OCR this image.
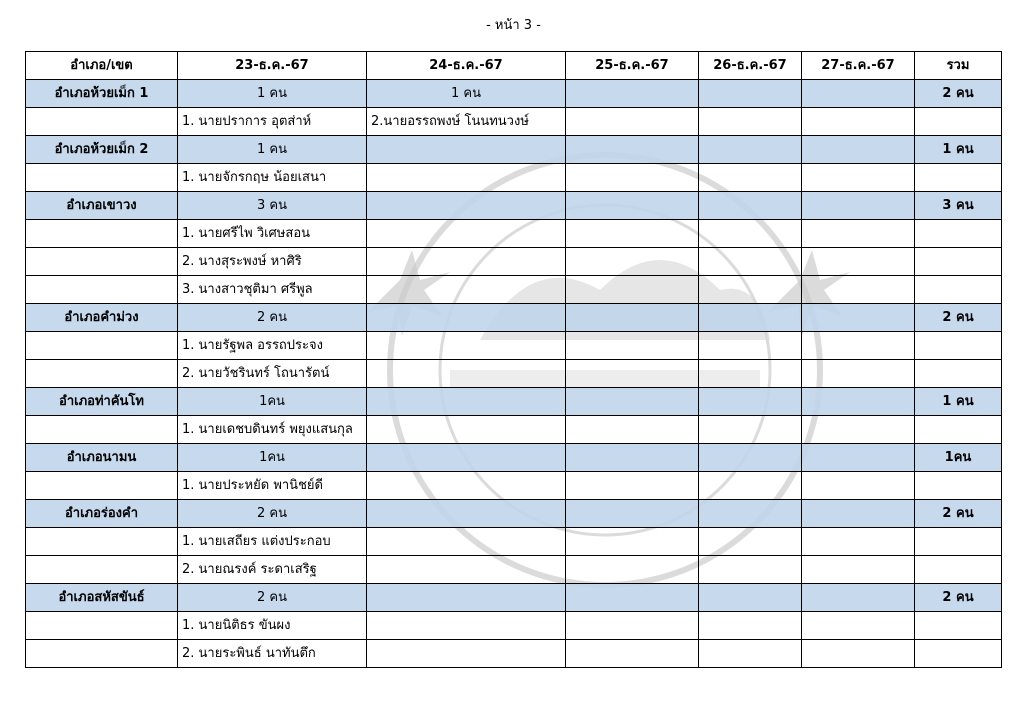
- หน้า 3 -
อำเภอ/เขต	23-ธ.ค.-67	24-ธ.ค.-67	25-ธ.ค.-67	26-ธ.ค.-67	27-ธ.ค.-67	รวม
อำเภอห้วยเม็ก 1	1 คน	1 คน				2 คน
	1. นายปราการ อุตส่าห์	2.นายอรรถพงษ์ โนนทนวงษ์				
อำเภอห้วยเม็ก 2	1 คน					1 คน
	1. นายจักรกฤษ น้อยเสนา					
อำเภอเขาวง	3 คน					3 คน
	1. นายศรีไพ วิเศษสอน					
	2. นางสุระพงษ์ หาศิริ					
	3. นางสาวชุติมา ศรีพูล					
อำเภอคำม่วง	2 คน					2 คน
	1. นายรัฐพล อรรถประจง					
	2. นายวัชรินทร์ โถนารัตน์					
อำเภอท่าคันโท	1คน					1 คน
	1. นายเดชบดินทร์ พยุงแสนกุล					
อำเภอนามน	1คน					1คน
	1. นายประหยัด พานิชย์ดี					
อำเภอร่องคำ	2 คน					2 คน
	1. นายเสถียร แต่งประกอบ					
	2. นายณรงค์ ระดาเสริฐ					
อำเภอสหัสขันธ์	2 คน					2 คน
	1. นายนิติธร ขันผง					
	2. นายระพินธ์ นาทันตึก					
